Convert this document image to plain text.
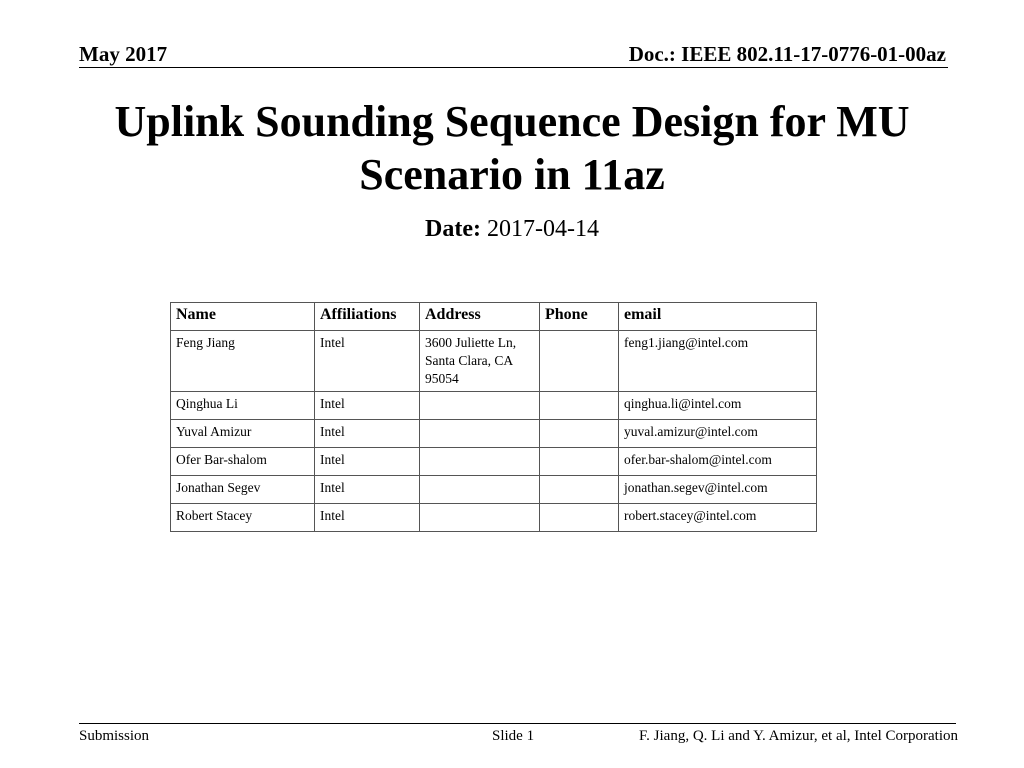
May 2017	Doc.: IEEE 802.11-17-0776-01-00az
Uplink Sounding Sequence Design for MU
Scenario in 11az
Date: 2017-04-14
Name	Affiliations	Address	Phone	email
Feng Jiang	Intel	3600 Juliette Ln, Santa Clara, CA 95054		feng1.jiang@intel.com
Qinghua Li	Intel			qinghua.li@intel.com
Yuval Amizur	Intel			yuval.amizur@intel.com
Ofer Bar-shalom	Intel			ofer.bar-shalom@intel.com
Jonathan Segev	Intel			jonathan.segev@intel.com
Robert Stacey	Intel			robert.stacey@intel.com
Submission	Slide 1	F. Jiang, Q. Li and Y. Amizur, et al, Intel Corporation
